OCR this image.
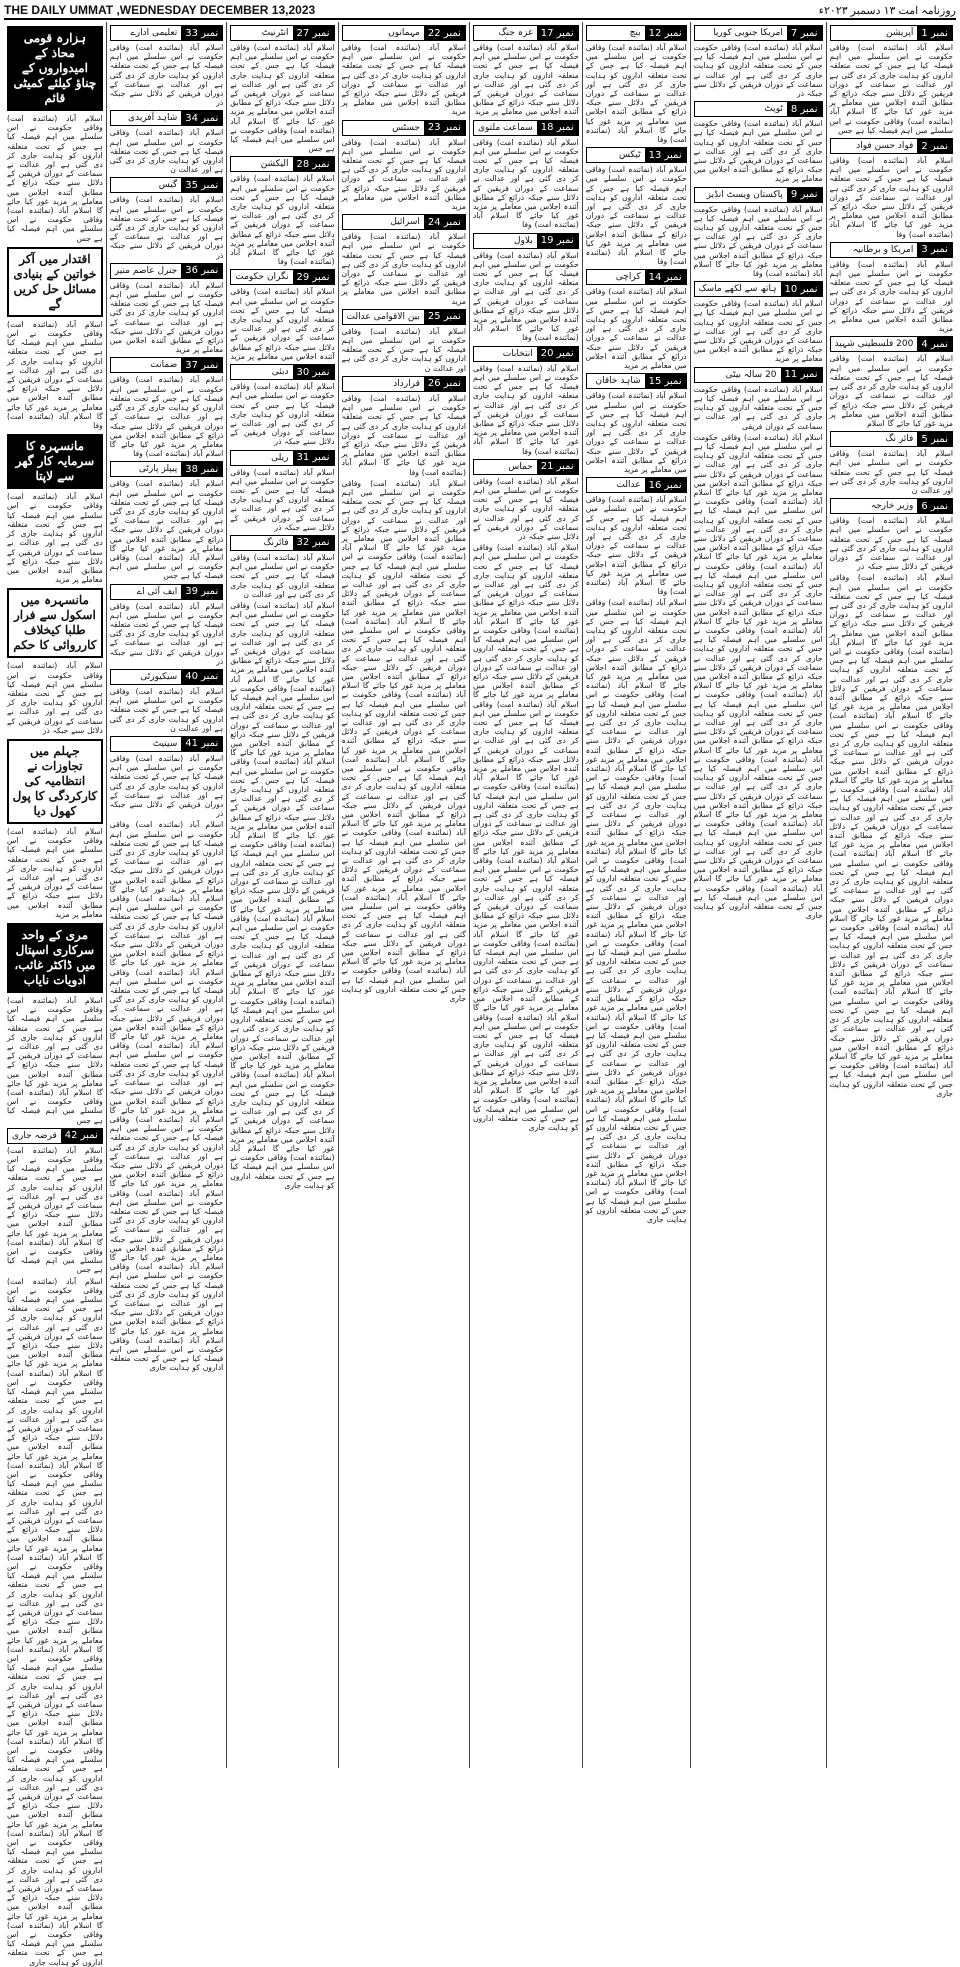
THE DAILY UMMAT ,WEDNESDAY DECEMBER 13,2023	روزنامہ امت ۱۳ دسمبر ۲۰۲۳ء
نمبر 1
آپریشن
اسلام آباد (نمائندہ امت) وفاقی حکومت نے اس سلسلے میں اہم فیصلہ کیا ہے جس کے تحت متعلقہ اداروں کو ہدایت جاری کر دی گئی ہے اور عدالت نے سماعت کے دوران فریقین کے دلائل سنے جبکہ ذرائع کے مطابق آئندہ اجلاس میں معاملے پر مزید غور کیا جائے گا اسلام آباد (نمائندہ امت) وفاقی حکومت نے اس سلسلے میں اہم فیصلہ کیا ہے جس
نمبر 2
فواد حسن فواد
اسلام آباد (نمائندہ امت) وفاقی حکومت نے اس سلسلے میں اہم فیصلہ کیا ہے جس کے تحت متعلقہ اداروں کو ہدایت جاری کر دی گئی ہے اور عدالت نے سماعت کے دوران فریقین کے دلائل سنے جبکہ ذرائع کے مطابق آئندہ اجلاس میں معاملے پر مزید غور کیا جائے گا اسلام آباد (نمائندہ امت) وفا
نمبر 3
امریکا و برطانیہ
اسلام آباد (نمائندہ امت) وفاقی حکومت نے اس سلسلے میں اہم فیصلہ کیا ہے جس کے تحت متعلقہ اداروں کو ہدایت جاری کر دی گئی ہے اور عدالت نے سماعت کے دوران فریقین کے دلائل سنے جبکہ ذرائع کے مطابق آئندہ اجلاس میں معاملے پر مزید
نمبر 4
200 فلسطینی شہید
اسلام آباد (نمائندہ امت) وفاقی حکومت نے اس سلسلے میں اہم فیصلہ کیا ہے جس کے تحت متعلقہ اداروں کو ہدایت جاری کر دی گئی ہے اور عدالت نے سماعت کے دوران فریقین کے دلائل سنے جبکہ ذرائع کے مطابق آئندہ اجلاس میں معاملے پر مزید غور کیا جائے گا اسلام
نمبر 5
فائر نگ
اسلام آباد (نمائندہ امت) وفاقی حکومت نے اس سلسلے میں اہم فیصلہ کیا ہے جس کے تحت متعلقہ اداروں کو ہدایت جاری کر دی گئی ہے اور عدالت ن
نمبر 6
وزیر خارجہ
اسلام آباد (نمائندہ امت) وفاقی حکومت نے اس سلسلے میں اہم فیصلہ کیا ہے جس کے تحت متعلقہ اداروں کو ہدایت جاری کر دی گئی ہے اور عدالت نے سماعت کے دوران فریقین کے دلائل سنے جبکہ ذر
اسلام آباد (نمائندہ امت) وفاقی حکومت نے اس سلسلے میں اہم فیصلہ کیا ہے جس کے تحت متعلقہ اداروں کو ہدایت جاری کر دی گئی ہے اور عدالت نے سماعت کے دوران فریقین کے دلائل سنے جبکہ ذرائع کے مطابق آئندہ اجلاس میں معاملے پر مزید غور کیا جائے گا اسلام آباد (نمائندہ امت) وفاقی حکومت نے اس سلسلے میں اہم فیصلہ کیا ہے جس کے تحت متعلقہ اداروں کو ہدایت جاری کر دی گئی ہے اور عدالت نے سماعت کے دوران فریقین کے دلائل سنے جبکہ ذرائع کے مطابق آئندہ اجلاس میں معاملے پر مزید غور کیا جائے گا اسلام آباد (نمائندہ امت) وفاقی حکومت نے اس سلسلے میں اہم فیصلہ کیا ہے جس کے تحت متعلقہ اداروں کو ہدایت جاری کر دی گئی ہے اور عدالت نے سماعت کے دوران فریقین کے دلائل سنے جبکہ ذرائع کے مطابق آئندہ اجلاس میں معاملے پر مزید غور کیا جائے گا اسلام آباد (نمائندہ امت) وفاقی حکومت نے اس سلسلے میں اہم فیصلہ کیا ہے جس کے تحت متعلقہ اداروں کو ہدایت جاری کر دی گئی ہے اور عدالت نے سماعت کے دوران فریقین کے دلائل سنے جبکہ ذرائع کے مطابق آئندہ اجلاس میں معاملے پر مزید غور کیا جائے گا اسلام آباد (نمائندہ امت) وفاقی حکومت نے اس سلسلے میں اہم فیصلہ کیا ہے جس کے تحت متعلقہ اداروں کو ہدایت جاری کر دی گئی ہے اور عدالت نے سماعت کے دوران فریقین کے دلائل سنے جبکہ ذرائع کے مطابق آئندہ اجلاس میں معاملے پر مزید غور کیا جائے گا اسلام آباد (نمائندہ امت) وفاقی حکومت نے اس سلسلے میں اہم فیصلہ کیا ہے جس کے تحت متعلقہ اداروں کو ہدایت جاری کر دی گئی ہے اور عدالت نے سماعت کے دوران فریقین کے دلائل سنے جبکہ ذرائع کے مطابق آئندہ اجلاس میں معاملے پر مزید غور کیا جائے گا اسلام آباد (نمائندہ امت) وفاقی حکومت نے اس سلسلے میں اہم فیصلہ کیا ہے جس کے تحت متعلقہ اداروں کو ہدایت جاری کر دی گئی ہے اور عدالت نے سماعت کے دوران فریقین کے دلائل سنے جبکہ ذرائع کے مطابق آئندہ اجلاس میں معاملے پر مزید غور کیا جائے گا اسلام آباد (نمائندہ امت) وفاقی حکومت نے اس سلسلے میں اہم فیصلہ کیا ہے جس کے تحت متعلقہ اداروں کو ہدایت جاری
نمبر 7
امریکا جنوبی کوریا
اسلام آباد (نمائندہ امت) وفاقی حکومت نے اس سلسلے میں اہم فیصلہ کیا ہے جس کے تحت متعلقہ اداروں کو ہدایت جاری کر دی گئی ہے اور عدالت نے سماعت کے دوران فریقین کے دلائل سنے جبکہ ذر
نمبر 8
ٹویٹ
اسلام آباد (نمائندہ امت) وفاقی حکومت نے اس سلسلے میں اہم فیصلہ کیا ہے جس کے تحت متعلقہ اداروں کو ہدایت جاری کر دی گئی ہے اور عدالت نے سماعت کے دوران فریقین کے دلائل سنے جبکہ ذرائع کے مطابق آئندہ اجلاس میں معاملے پر مزید
نمبر 9
پاکستان ویسٹ انڈیز
اسلام آباد (نمائندہ امت) وفاقی حکومت نے اس سلسلے میں اہم فیصلہ کیا ہے جس کے تحت متعلقہ اداروں کو ہدایت جاری کر دی گئی ہے اور عدالت نے سماعت کے دوران فریقین کے دلائل سنے جبکہ ذرائع کے مطابق آئندہ اجلاس میں معاملے پر مزید غور کیا جائے گا اسلام آباد (نمائندہ امت) وفا
نمبر 10
ہاتھ سے لکھے ماسک
اسلام آباد (نمائندہ امت) وفاقی حکومت نے اس سلسلے میں اہم فیصلہ کیا ہے جس کے تحت متعلقہ اداروں کو ہدایت جاری کر دی گئی ہے اور عدالت نے سماعت کے دوران فریقین کے دلائل سنے جبکہ ذرائع کے مطابق آئندہ اجلاس میں معاملے پر مزید
نمبر 11
20 سالہ بیٹی
اسلام آباد (نمائندہ امت) وفاقی حکومت نے اس سلسلے میں اہم فیصلہ کیا ہے جس کے تحت متعلقہ اداروں کو ہدایت جاری کر دی گئی ہے اور عدالت نے سماعت کے دوران فریقی
اسلام آباد (نمائندہ امت) وفاقی حکومت نے اس سلسلے میں اہم فیصلہ کیا ہے جس کے تحت متعلقہ اداروں کو ہدایت جاری کر دی گئی ہے اور عدالت نے سماعت کے دوران فریقین کے دلائل سنے جبکہ ذرائع کے مطابق آئندہ اجلاس میں معاملے پر مزید غور کیا جائے گا اسلام آباد (نمائندہ امت) وفاقی حکومت نے اس سلسلے میں اہم فیصلہ کیا ہے جس کے تحت متعلقہ اداروں کو ہدایت جاری کر دی گئی ہے اور عدالت نے سماعت کے دوران فریقین کے دلائل سنے جبکہ ذرائع کے مطابق آئندہ اجلاس میں معاملے پر مزید غور کیا جائے گا اسلام آباد (نمائندہ امت) وفاقی حکومت نے اس سلسلے میں اہم فیصلہ کیا ہے جس کے تحت متعلقہ اداروں کو ہدایت جاری کر دی گئی ہے اور عدالت نے سماعت کے دوران فریقین کے دلائل سنے جبکہ ذرائع کے مطابق آئندہ اجلاس میں معاملے پر مزید غور کیا جائے گا اسلام آباد (نمائندہ امت) وفاقی حکومت نے اس سلسلے میں اہم فیصلہ کیا ہے جس کے تحت متعلقہ اداروں کو ہدایت جاری کر دی گئی ہے اور عدالت نے سماعت کے دوران فریقین کے دلائل سنے جبکہ ذرائع کے مطابق آئندہ اجلاس میں معاملے پر مزید غور کیا جائے گا اسلام آباد (نمائندہ امت) وفاقی حکومت نے اس سلسلے میں اہم فیصلہ کیا ہے جس کے تحت متعلقہ اداروں کو ہدایت جاری کر دی گئی ہے اور عدالت نے سماعت کے دوران فریقین کے دلائل سنے جبکہ ذرائع کے مطابق آئندہ اجلاس میں معاملے پر مزید غور کیا جائے گا اسلام آباد (نمائندہ امت) وفاقی حکومت نے اس سلسلے میں اہم فیصلہ کیا ہے جس کے تحت متعلقہ اداروں کو ہدایت جاری کر دی گئی ہے اور عدالت نے سماعت کے دوران فریقین کے دلائل سنے جبکہ ذرائع کے مطابق آئندہ اجلاس میں معاملے پر مزید غور کیا جائے گا اسلام آباد (نمائندہ امت) وفاقی حکومت نے اس سلسلے میں اہم فیصلہ کیا ہے جس کے تحت متعلقہ اداروں کو ہدایت جاری کر دی گئی ہے اور عدالت نے سماعت کے دوران فریقین کے دلائل سنے جبکہ ذرائع کے مطابق آئندہ اجلاس میں معاملے پر مزید غور کیا جائے گا اسلام آباد (نمائندہ امت) وفاقی حکومت نے اس سلسلے میں اہم فیصلہ کیا ہے جس کے تحت متعلقہ اداروں کو ہدایت جاری
نمبر 12
بنچ
اسلام آباد (نمائندہ امت) وفاقی حکومت نے اس سلسلے میں اہم فیصلہ کیا ہے جس کے تحت متعلقہ اداروں کو ہدایت جاری کر دی گئی ہے اور عدالت نے سماعت کے دوران فریقین کے دلائل سنے جبکہ ذرائع کے مطابق آئندہ اجلاس میں معاملے پر مزید غور کیا جائے گا اسلام آباد (نمائندہ امت) وفا
نمبر 13
ٹیکس
اسلام آباد (نمائندہ امت) وفاقی حکومت نے اس سلسلے میں اہم فیصلہ کیا ہے جس کے تحت متعلقہ اداروں کو ہدایت جاری کر دی گئی ہے اور عدالت نے سماعت کے دوران فریقین کے دلائل سنے جبکہ ذرائع کے مطابق آئندہ اجلاس میں معاملے پر مزید غور کیا جائے گا اسلام آباد (نمائندہ امت) وفا
نمبر 14
کراچی
اسلام آباد (نمائندہ امت) وفاقی حکومت نے اس سلسلے میں اہم فیصلہ کیا ہے جس کے تحت متعلقہ اداروں کو ہدایت جاری کر دی گئی ہے اور عدالت نے سماعت کے دوران فریقین کے دلائل سنے جبکہ ذرائع کے مطابق آئندہ اجلاس میں معاملے پر مزید
نمبر 15
شاہد خاقان
اسلام آباد (نمائندہ امت) وفاقی حکومت نے اس سلسلے میں اہم فیصلہ کیا ہے جس کے تحت متعلقہ اداروں کو ہدایت جاری کر دی گئی ہے اور عدالت نے سماعت کے دوران فریقین کے دلائل سنے جبکہ ذرائع کے مطابق آئندہ اجلاس میں معاملے پر مزید
نمبر 16
عدالت
اسلام آباد (نمائندہ امت) وفاقی حکومت نے اس سلسلے میں اہم فیصلہ کیا ہے جس کے تحت متعلقہ اداروں کو ہدایت جاری کر دی گئی ہے اور عدالت نے سماعت کے دوران فریقین کے دلائل سنے جبکہ ذرائع کے مطابق آئندہ اجلاس میں معاملے پر مزید غور کیا جائے گا اسلام آباد (نمائندہ امت) وفا
اسلام آباد (نمائندہ امت) وفاقی حکومت نے اس سلسلے میں اہم فیصلہ کیا ہے جس کے تحت متعلقہ اداروں کو ہدایت جاری کر دی گئی ہے اور عدالت نے سماعت کے دوران فریقین کے دلائل سنے جبکہ ذرائع کے مطابق آئندہ اجلاس میں معاملے پر مزید غور کیا جائے گا اسلام آباد (نمائندہ امت) وفاقی حکومت نے اس سلسلے میں اہم فیصلہ کیا ہے جس کے تحت متعلقہ اداروں کو ہدایت جاری کر دی گئی ہے اور عدالت نے سماعت کے دوران فریقین کے دلائل سنے جبکہ ذرائع کے مطابق آئندہ اجلاس میں معاملے پر مزید غور کیا جائے گا اسلام آباد (نمائندہ امت) وفاقی حکومت نے اس سلسلے میں اہم فیصلہ کیا ہے جس کے تحت متعلقہ اداروں کو ہدایت جاری کر دی گئی ہے اور عدالت نے سماعت کے دوران فریقین کے دلائل سنے جبکہ ذرائع کے مطابق آئندہ اجلاس میں معاملے پر مزید غور کیا جائے گا اسلام آباد (نمائندہ امت) وفاقی حکومت نے اس سلسلے میں اہم فیصلہ کیا ہے جس کے تحت متعلقہ اداروں کو ہدایت جاری کر دی گئی ہے اور عدالت نے سماعت کے دوران فریقین کے دلائل سنے جبکہ ذرائع کے مطابق آئندہ اجلاس میں معاملے پر مزید غور کیا جائے گا اسلام آباد (نمائندہ امت) وفاقی حکومت نے اس سلسلے میں اہم فیصلہ کیا ہے جس کے تحت متعلقہ اداروں کو ہدایت جاری کر دی گئی ہے اور عدالت نے سماعت کے دوران فریقین کے دلائل سنے جبکہ ذرائع کے مطابق آئندہ اجلاس میں معاملے پر مزید غور کیا جائے گا اسلام آباد (نمائندہ امت) وفاقی حکومت نے اس سلسلے میں اہم فیصلہ کیا ہے جس کے تحت متعلقہ اداروں کو ہدایت جاری کر دی گئی ہے اور عدالت نے سماعت کے دوران فریقین کے دلائل سنے جبکہ ذرائع کے مطابق آئندہ اجلاس میں معاملے پر مزید غور کیا جائے گا اسلام آباد (نمائندہ امت) وفاقی حکومت نے اس سلسلے میں اہم فیصلہ کیا ہے جس کے تحت متعلقہ اداروں کو ہدایت جاری کر دی گئی ہے اور عدالت نے سماعت کے دوران فریقین کے دلائل سنے جبکہ ذرائع کے مطابق آئندہ اجلاس میں معاملے پر مزید غور کیا جائے گا اسلام آباد (نمائندہ امت) وفاقی حکومت نے اس سلسلے میں اہم فیصلہ کیا ہے جس کے تحت متعلقہ اداروں کو ہدایت جاری
نمبر 17
غزہ جنگ
اسلام آباد (نمائندہ امت) وفاقی حکومت نے اس سلسلے میں اہم فیصلہ کیا ہے جس کے تحت متعلقہ اداروں کو ہدایت جاری کر دی گئی ہے اور عدالت نے سماعت کے دوران فریقین کے دلائل سنے جبکہ ذرائع کے مطابق آئندہ اجلاس میں معاملے پر مزید
نمبر 18
سماعت ملتوی
اسلام آباد (نمائندہ امت) وفاقی حکومت نے اس سلسلے میں اہم فیصلہ کیا ہے جس کے تحت متعلقہ اداروں کو ہدایت جاری کر دی گئی ہے اور عدالت نے سماعت کے دوران فریقین کے دلائل سنے جبکہ ذرائع کے مطابق آئندہ اجلاس میں معاملے پر مزید غور کیا جائے گا اسلام آباد (نمائندہ امت) وفا
نمبر 19
بلاول
اسلام آباد (نمائندہ امت) وفاقی حکومت نے اس سلسلے میں اہم فیصلہ کیا ہے جس کے تحت متعلقہ اداروں کو ہدایت جاری کر دی گئی ہے اور عدالت نے سماعت کے دوران فریقین کے دلائل سنے جبکہ ذرائع کے مطابق آئندہ اجلاس میں معاملے پر مزید غور کیا جائے گا اسلام آباد (نمائندہ امت) وفا
نمبر 20
انتخابات
اسلام آباد (نمائندہ امت) وفاقی حکومت نے اس سلسلے میں اہم فیصلہ کیا ہے جس کے تحت متعلقہ اداروں کو ہدایت جاری کر دی گئی ہے اور عدالت نے سماعت کے دوران فریقین کے دلائل سنے جبکہ ذرائع کے مطابق آئندہ اجلاس میں معاملے پر مزید غور کیا جائے گا اسلام آباد (نمائندہ امت) وفا
نمبر 21
حماس
اسلام آباد (نمائندہ امت) وفاقی حکومت نے اس سلسلے میں اہم فیصلہ کیا ہے جس کے تحت متعلقہ اداروں کو ہدایت جاری کر دی گئی ہے اور عدالت نے سماعت کے دوران فریقین کے دلائل سنے جبکہ ذر
اسلام آباد (نمائندہ امت) وفاقی حکومت نے اس سلسلے میں اہم فیصلہ کیا ہے جس کے تحت متعلقہ اداروں کو ہدایت جاری کر دی گئی ہے اور عدالت نے سماعت کے دوران فریقین کے دلائل سنے جبکہ ذرائع کے مطابق آئندہ اجلاس میں معاملے پر مزید غور کیا جائے گا اسلام آباد (نمائندہ امت) وفاقی حکومت نے اس سلسلے میں اہم فیصلہ کیا ہے جس کے تحت متعلقہ اداروں کو ہدایت جاری کر دی گئی ہے اور عدالت نے سماعت کے دوران فریقین کے دلائل سنے جبکہ ذرائع کے مطابق آئندہ اجلاس میں معاملے پر مزید غور کیا جائے گا اسلام آباد (نمائندہ امت) وفاقی حکومت نے اس سلسلے میں اہم فیصلہ کیا ہے جس کے تحت متعلقہ اداروں کو ہدایت جاری کر دی گئی ہے اور عدالت نے سماعت کے دوران فریقین کے دلائل سنے جبکہ ذرائع کے مطابق آئندہ اجلاس میں معاملے پر مزید غور کیا جائے گا اسلام آباد (نمائندہ امت) وفاقی حکومت نے اس سلسلے میں اہم فیصلہ کیا ہے جس کے تحت متعلقہ اداروں کو ہدایت جاری کر دی گئی ہے اور عدالت نے سماعت کے دوران فریقین کے دلائل سنے جبکہ ذرائع کے مطابق آئندہ اجلاس میں معاملے پر مزید غور کیا جائے گا اسلام آباد (نمائندہ امت) وفاقی حکومت نے اس سلسلے میں اہم فیصلہ کیا ہے جس کے تحت متعلقہ اداروں کو ہدایت جاری کر دی گئی ہے اور عدالت نے سماعت کے دوران فریقین کے دلائل سنے جبکہ ذرائع کے مطابق آئندہ اجلاس میں معاملے پر مزید غور کیا جائے گا اسلام آباد (نمائندہ امت) وفاقی حکومت نے اس سلسلے میں اہم فیصلہ کیا ہے جس کے تحت متعلقہ اداروں کو ہدایت جاری کر دی گئی ہے اور عدالت نے سماعت کے دوران فریقین کے دلائل سنے جبکہ ذرائع کے مطابق آئندہ اجلاس میں معاملے پر مزید غور کیا جائے گا اسلام آباد (نمائندہ امت) وفاقی حکومت نے اس سلسلے میں اہم فیصلہ کیا ہے جس کے تحت متعلقہ اداروں کو ہدایت جاری کر دی گئی ہے اور عدالت نے سماعت کے دوران فریقین کے دلائل سنے جبکہ ذرائع کے مطابق آئندہ اجلاس میں معاملے پر مزید غور کیا جائے گا اسلام آباد (نمائندہ امت) وفاقی حکومت نے اس سلسلے میں اہم فیصلہ کیا ہے جس کے تحت متعلقہ اداروں کو ہدایت جاری
نمبر 22
مہمانوں
اسلام آباد (نمائندہ امت) وفاقی حکومت نے اس سلسلے میں اہم فیصلہ کیا ہے جس کے تحت متعلقہ اداروں کو ہدایت جاری کر دی گئی ہے اور عدالت نے سماعت کے دوران فریقین کے دلائل سنے جبکہ ذرائع کے مطابق آئندہ اجلاس میں معاملے پر مزید
نمبر 23
جسٹس
اسلام آباد (نمائندہ امت) وفاقی حکومت نے اس سلسلے میں اہم فیصلہ کیا ہے جس کے تحت متعلقہ اداروں کو ہدایت جاری کر دی گئی ہے اور عدالت نے سماعت کے دوران فریقین کے دلائل سنے جبکہ ذرائع کے مطابق آئندہ اجلاس میں معاملے پر مزید
نمبر 24
اسرائیل
اسلام آباد (نمائندہ امت) وفاقی حکومت نے اس سلسلے میں اہم فیصلہ کیا ہے جس کے تحت متعلقہ اداروں کو ہدایت جاری کر دی گئی ہے اور عدالت نے سماعت کے دوران فریقین کے دلائل سنے جبکہ ذرائع کے مطابق آئندہ اجلاس میں معاملے پر مزید
نمبر 25
بین الاقوامی عدالت
اسلام آباد (نمائندہ امت) وفاقی حکومت نے اس سلسلے میں اہم فیصلہ کیا ہے جس کے تحت متعلقہ اداروں کو ہدایت جاری کر دی گئی ہے اور عدالت ن
نمبر 26
قرارداد
اسلام آباد (نمائندہ امت) وفاقی حکومت نے اس سلسلے میں اہم فیصلہ کیا ہے جس کے تحت متعلقہ اداروں کو ہدایت جاری کر دی گئی ہے اور عدالت نے سماعت کے دوران فریقین کے دلائل سنے جبکہ ذرائع کے مطابق آئندہ اجلاس میں معاملے پر مزید غور کیا جائے گا اسلام آباد (نمائندہ امت) وفا
اسلام آباد (نمائندہ امت) وفاقی حکومت نے اس سلسلے میں اہم فیصلہ کیا ہے جس کے تحت متعلقہ اداروں کو ہدایت جاری کر دی گئی ہے اور عدالت نے سماعت کے دوران فریقین کے دلائل سنے جبکہ ذرائع کے مطابق آئندہ اجلاس میں معاملے پر مزید غور کیا جائے گا اسلام آباد (نمائندہ امت) وفاقی حکومت نے اس سلسلے میں اہم فیصلہ کیا ہے جس کے تحت متعلقہ اداروں کو ہدایت جاری کر دی گئی ہے اور عدالت نے سماعت کے دوران فریقین کے دلائل سنے جبکہ ذرائع کے مطابق آئندہ اجلاس میں معاملے پر مزید غور کیا جائے گا اسلام آباد (نمائندہ امت) وفاقی حکومت نے اس سلسلے میں اہم فیصلہ کیا ہے جس کے تحت متعلقہ اداروں کو ہدایت جاری کر دی گئی ہے اور عدالت نے سماعت کے دوران فریقین کے دلائل سنے جبکہ ذرائع کے مطابق آئندہ اجلاس میں معاملے پر مزید غور کیا جائے گا اسلام آباد (نمائندہ امت) وفاقی حکومت نے اس سلسلے میں اہم فیصلہ کیا ہے جس کے تحت متعلقہ اداروں کو ہدایت جاری کر دی گئی ہے اور عدالت نے سماعت کے دوران فریقین کے دلائل سنے جبکہ ذرائع کے مطابق آئندہ اجلاس میں معاملے پر مزید غور کیا جائے گا اسلام آباد (نمائندہ امت) وفاقی حکومت نے اس سلسلے میں اہم فیصلہ کیا ہے جس کے تحت متعلقہ اداروں کو ہدایت جاری کر دی گئی ہے اور عدالت نے سماعت کے دوران فریقین کے دلائل سنے جبکہ ذرائع کے مطابق آئندہ اجلاس میں معاملے پر مزید غور کیا جائے گا اسلام آباد (نمائندہ امت) وفاقی حکومت نے اس سلسلے میں اہم فیصلہ کیا ہے جس کے تحت متعلقہ اداروں کو ہدایت جاری کر دی گئی ہے اور عدالت نے سماعت کے دوران فریقین کے دلائل سنے جبکہ ذرائع کے مطابق آئندہ اجلاس میں معاملے پر مزید غور کیا جائے گا اسلام آباد (نمائندہ امت) وفاقی حکومت نے اس سلسلے میں اہم فیصلہ کیا ہے جس کے تحت متعلقہ اداروں کو ہدایت جاری کر دی گئی ہے اور عدالت نے سماعت کے دوران فریقین کے دلائل سنے جبکہ ذرائع کے مطابق آئندہ اجلاس میں معاملے پر مزید غور کیا جائے گا اسلام آباد (نمائندہ امت) وفاقی حکومت نے اس سلسلے میں اہم فیصلہ کیا ہے جس کے تحت متعلقہ اداروں کو ہدایت جاری
نمبر 27
انٹرنیٹ
اسلام آباد (نمائندہ امت) وفاقی حکومت نے اس سلسلے میں اہم فیصلہ کیا ہے جس کے تحت متعلقہ اداروں کو ہدایت جاری کر دی گئی ہے اور عدالت نے سماعت کے دوران فریقین کے دلائل سنے جبکہ ذرائع کے مطابق آئندہ اجلاس میں معاملے پر مزید غور کیا جائے گا اسلام آباد (نمائندہ امت) وفاقی حکومت نے اس سلسلے میں اہم فیصلہ کیا ہے جس
نمبر 28
الیکشن
اسلام آباد (نمائندہ امت) وفاقی حکومت نے اس سلسلے میں اہم فیصلہ کیا ہے جس کے تحت متعلقہ اداروں کو ہدایت جاری کر دی گئی ہے اور عدالت نے سماعت کے دوران فریقین کے دلائل سنے جبکہ ذرائع کے مطابق آئندہ اجلاس میں معاملے پر مزید غور کیا جائے گا اسلام آباد (نمائندہ امت) وفا
نمبر 29
نگران حکومت
اسلام آباد (نمائندہ امت) وفاقی حکومت نے اس سلسلے میں اہم فیصلہ کیا ہے جس کے تحت متعلقہ اداروں کو ہدایت جاری کر دی گئی ہے اور عدالت نے سماعت کے دوران فریقین کے دلائل سنے جبکہ ذرائع کے مطابق آئندہ اجلاس میں معاملے پر مزید
نمبر 30
دبئی
اسلام آباد (نمائندہ امت) وفاقی حکومت نے اس سلسلے میں اہم فیصلہ کیا ہے جس کے تحت متعلقہ اداروں کو ہدایت جاری کر دی گئی ہے اور عدالت نے سماعت کے دوران فریقین کے دلائل سنے جبکہ ذر
نمبر 31
ریلی
اسلام آباد (نمائندہ امت) وفاقی حکومت نے اس سلسلے میں اہم فیصلہ کیا ہے جس کے تحت متعلقہ اداروں کو ہدایت جاری کر دی گئی ہے اور عدالت نے سماعت کے دوران فریقین کے دلائل سنے جبکہ ذر
نمبر 32
فائرنگ
اسلام آباد (نمائندہ امت) وفاقی حکومت نے اس سلسلے میں اہم فیصلہ کیا ہے جس کے تحت متعلقہ اداروں کو ہدایت جاری کر دی گئی ہے اور عدالت ن
اسلام آباد (نمائندہ امت) وفاقی حکومت نے اس سلسلے میں اہم فیصلہ کیا ہے جس کے تحت متعلقہ اداروں کو ہدایت جاری کر دی گئی ہے اور عدالت نے سماعت کے دوران فریقین کے دلائل سنے جبکہ ذرائع کے مطابق آئندہ اجلاس میں معاملے پر مزید غور کیا جائے گا اسلام آباد (نمائندہ امت) وفاقی حکومت نے اس سلسلے میں اہم فیصلہ کیا ہے جس کے تحت متعلقہ اداروں کو ہدایت جاری کر دی گئی ہے اور عدالت نے سماعت کے دوران فریقین کے دلائل سنے جبکہ ذرائع کے مطابق آئندہ اجلاس میں معاملے پر مزید غور کیا جائے گا اسلام آباد (نمائندہ امت) وفاقی حکومت نے اس سلسلے میں اہم فیصلہ کیا ہے جس کے تحت متعلقہ اداروں کو ہدایت جاری کر دی گئی ہے اور عدالت نے سماعت کے دوران فریقین کے دلائل سنے جبکہ ذرائع کے مطابق آئندہ اجلاس میں معاملے پر مزید غور کیا جائے گا اسلام آباد (نمائندہ امت) وفاقی حکومت نے اس سلسلے میں اہم فیصلہ کیا ہے جس کے تحت متعلقہ اداروں کو ہدایت جاری کر دی گئی ہے اور عدالت نے سماعت کے دوران فریقین کے دلائل سنے جبکہ ذرائع کے مطابق آئندہ اجلاس میں معاملے پر مزید غور کیا جائے گا اسلام آباد (نمائندہ امت) وفاقی حکومت نے اس سلسلے میں اہم فیصلہ کیا ہے جس کے تحت متعلقہ اداروں کو ہدایت جاری کر دی گئی ہے اور عدالت نے سماعت کے دوران فریقین کے دلائل سنے جبکہ ذرائع کے مطابق آئندہ اجلاس میں معاملے پر مزید غور کیا جائے گا اسلام آباد (نمائندہ امت) وفاقی حکومت نے اس سلسلے میں اہم فیصلہ کیا ہے جس کے تحت متعلقہ اداروں کو ہدایت جاری کر دی گئی ہے اور عدالت نے سماعت کے دوران فریقین کے دلائل سنے جبکہ ذرائع کے مطابق آئندہ اجلاس میں معاملے پر مزید غور کیا جائے گا اسلام آباد (نمائندہ امت) وفاقی حکومت نے اس سلسلے میں اہم فیصلہ کیا ہے جس کے تحت متعلقہ اداروں کو ہدایت جاری کر دی گئی ہے اور عدالت نے سماعت کے دوران فریقین کے دلائل سنے جبکہ ذرائع کے مطابق آئندہ اجلاس میں معاملے پر مزید غور کیا جائے گا اسلام آباد (نمائندہ امت) وفاقی حکومت نے اس سلسلے میں اہم فیصلہ کیا ہے جس کے تحت متعلقہ اداروں کو ہدایت جاری
نمبر 33
تعلیمی ادارے
اسلام آباد (نمائندہ امت) وفاقی حکومت نے اس سلسلے میں اہم فیصلہ کیا ہے جس کے تحت متعلقہ اداروں کو ہدایت جاری کر دی گئی ہے اور عدالت نے سماعت کے دوران فریقین کے دلائل سنے جبکہ ذر
نمبر 34
شاہد آفریدی
اسلام آباد (نمائندہ امت) وفاقی حکومت نے اس سلسلے میں اہم فیصلہ کیا ہے جس کے تحت متعلقہ اداروں کو ہدایت جاری کر دی گئی ہے اور عدالت ن
نمبر 35
گیس
اسلام آباد (نمائندہ امت) وفاقی حکومت نے اس سلسلے میں اہم فیصلہ کیا ہے جس کے تحت متعلقہ اداروں کو ہدایت جاری کر دی گئی ہے اور عدالت نے سماعت کے دوران فریقین کے دلائل سنے جبکہ ذر
نمبر 36
جنرل عاصم منیر
اسلام آباد (نمائندہ امت) وفاقی حکومت نے اس سلسلے میں اہم فیصلہ کیا ہے جس کے تحت متعلقہ اداروں کو ہدایت جاری کر دی گئی ہے اور عدالت نے سماعت کے دوران فریقین کے دلائل سنے جبکہ ذرائع کے مطابق آئندہ اجلاس میں معاملے پر مزید
نمبر 37
ضمانت
اسلام آباد (نمائندہ امت) وفاقی حکومت نے اس سلسلے میں اہم فیصلہ کیا ہے جس کے تحت متعلقہ اداروں کو ہدایت جاری کر دی گئی ہے اور عدالت نے سماعت کے دوران فریقین کے دلائل سنے جبکہ ذرائع کے مطابق آئندہ اجلاس میں معاملے پر مزید غور کیا جائے گا اسلام آباد (نمائندہ امت) وفا
نمبر 38
پیپلز پارٹی
اسلام آباد (نمائندہ امت) وفاقی حکومت نے اس سلسلے میں اہم فیصلہ کیا ہے جس کے تحت متعلقہ اداروں کو ہدایت جاری کر دی گئی ہے اور عدالت نے سماعت کے دوران فریقین کے دلائل سنے جبکہ ذرائع کے مطابق آئندہ اجلاس میں معاملے پر مزید غور کیا جائے گا اسلام آباد (نمائندہ امت) وفاقی حکومت نے اس سلسلے میں اہم فیصلہ کیا ہے جس
نمبر 39
ایف آئی اے
اسلام آباد (نمائندہ امت) وفاقی حکومت نے اس سلسلے میں اہم فیصلہ کیا ہے جس کے تحت متعلقہ اداروں کو ہدایت جاری کر دی گئی ہے اور عدالت نے سماعت کے دوران فریقین کے دلائل سنے جبکہ ذر
نمبر 40
سیکیورٹی
اسلام آباد (نمائندہ امت) وفاقی حکومت نے اس سلسلے میں اہم فیصلہ کیا ہے جس کے تحت متعلقہ اداروں کو ہدایت جاری کر دی گئی ہے اور عدالت ن
نمبر 41
سینیٹ
اسلام آباد (نمائندہ امت) وفاقی حکومت نے اس سلسلے میں اہم فیصلہ کیا ہے جس کے تحت متعلقہ اداروں کو ہدایت جاری کر دی گئی ہے اور عدالت نے سماعت کے دوران فریقین کے دلائل سنے جبکہ ذر
اسلام آباد (نمائندہ امت) وفاقی حکومت نے اس سلسلے میں اہم فیصلہ کیا ہے جس کے تحت متعلقہ اداروں کو ہدایت جاری کر دی گئی ہے اور عدالت نے سماعت کے دوران فریقین کے دلائل سنے جبکہ ذرائع کے مطابق آئندہ اجلاس میں معاملے پر مزید غور کیا جائے گا اسلام آباد (نمائندہ امت) وفاقی حکومت نے اس سلسلے میں اہم فیصلہ کیا ہے جس کے تحت متعلقہ اداروں کو ہدایت جاری کر دی گئی ہے اور عدالت نے سماعت کے دوران فریقین کے دلائل سنے جبکہ ذرائع کے مطابق آئندہ اجلاس میں معاملے پر مزید غور کیا جائے گا اسلام آباد (نمائندہ امت) وفاقی حکومت نے اس سلسلے میں اہم فیصلہ کیا ہے جس کے تحت متعلقہ اداروں کو ہدایت جاری کر دی گئی ہے اور عدالت نے سماعت کے دوران فریقین کے دلائل سنے جبکہ ذرائع کے مطابق آئندہ اجلاس میں معاملے پر مزید غور کیا جائے گا اسلام آباد (نمائندہ امت) وفاقی حکومت نے اس سلسلے میں اہم فیصلہ کیا ہے جس کے تحت متعلقہ اداروں کو ہدایت جاری کر دی گئی ہے اور عدالت نے سماعت کے دوران فریقین کے دلائل سنے جبکہ ذرائع کے مطابق آئندہ اجلاس میں معاملے پر مزید غور کیا جائے گا اسلام آباد (نمائندہ امت) وفاقی حکومت نے اس سلسلے میں اہم فیصلہ کیا ہے جس کے تحت متعلقہ اداروں کو ہدایت جاری کر دی گئی ہے اور عدالت نے سماعت کے دوران فریقین کے دلائل سنے جبکہ ذرائع کے مطابق آئندہ اجلاس میں معاملے پر مزید غور کیا جائے گا اسلام آباد (نمائندہ امت) وفاقی حکومت نے اس سلسلے میں اہم فیصلہ کیا ہے جس کے تحت متعلقہ اداروں کو ہدایت جاری کر دی گئی ہے اور عدالت نے سماعت کے دوران فریقین کے دلائل سنے جبکہ ذرائع کے مطابق آئندہ اجلاس میں معاملے پر مزید غور کیا جائے گا اسلام آباد (نمائندہ امت) وفاقی حکومت نے اس سلسلے میں اہم فیصلہ کیا ہے جس کے تحت متعلقہ اداروں کو ہدایت جاری کر دی گئی ہے اور عدالت نے سماعت کے دوران فریقین کے دلائل سنے جبکہ ذرائع کے مطابق آئندہ اجلاس میں معاملے پر مزید غور کیا جائے گا اسلام آباد (نمائندہ امت) وفاقی حکومت نے اس سلسلے میں اہم فیصلہ کیا ہے جس کے تحت متعلقہ اداروں کو ہدایت جاری
ہزارہ قومی محاذ کے امیدواروں کے چناؤ کیلئے کمیٹی قائم
اسلام آباد (نمائندہ امت) وفاقی حکومت نے اس سلسلے میں اہم فیصلہ کیا ہے جس کے تحت متعلقہ اداروں کو ہدایت جاری کر دی گئی ہے اور عدالت نے سماعت کے دوران فریقین کے دلائل سنے جبکہ ذرائع کے مطابق آئندہ اجلاس میں معاملے پر مزید غور کیا جائے گا اسلام آباد (نمائندہ امت) وفاقی حکومت نے اس سلسلے میں اہم فیصلہ کیا ہے جس
اقتدار میں آکر خواتین کے بنیادی مسائل حل کریں گے
اسلام آباد (نمائندہ امت) وفاقی حکومت نے اس سلسلے میں اہم فیصلہ کیا ہے جس کے تحت متعلقہ اداروں کو ہدایت جاری کر دی گئی ہے اور عدالت نے سماعت کے دوران فریقین کے دلائل سنے جبکہ ذرائع کے مطابق آئندہ اجلاس میں معاملے پر مزید غور کیا جائے گا اسلام آباد (نمائندہ امت) وفا
مانسہرہ کا سرمایہ کار گھر سے لاپتا
اسلام آباد (نمائندہ امت) وفاقی حکومت نے اس سلسلے میں اہم فیصلہ کیا ہے جس کے تحت متعلقہ اداروں کو ہدایت جاری کر دی گئی ہے اور عدالت نے سماعت کے دوران فریقین کے دلائل سنے جبکہ ذرائع کے مطابق آئندہ اجلاس میں معاملے پر مزید
مانسہرہ میں اسکول سے فرار طلبا کیخلاف کارروائی کا حکم
اسلام آباد (نمائندہ امت) وفاقی حکومت نے اس سلسلے میں اہم فیصلہ کیا ہے جس کے تحت متعلقہ اداروں کو ہدایت جاری کر دی گئی ہے اور عدالت نے سماعت کے دوران فریقین کے دلائل سنے جبکہ ذر
جہلم میں تجاوزات نے انتظامیہ کی کارکردگی کا پول کھول دیا
اسلام آباد (نمائندہ امت) وفاقی حکومت نے اس سلسلے میں اہم فیصلہ کیا ہے جس کے تحت متعلقہ اداروں کو ہدایت جاری کر دی گئی ہے اور عدالت نے سماعت کے دوران فریقین کے دلائل سنے جبکہ ذرائع کے مطابق آئندہ اجلاس میں معاملے پر مزید
مری کے واحد سرکاری اسپتال میں ڈاکٹر غائب، ادویات نایاب
اسلام آباد (نمائندہ امت) وفاقی حکومت نے اس سلسلے میں اہم فیصلہ کیا ہے جس کے تحت متعلقہ اداروں کو ہدایت جاری کر دی گئی ہے اور عدالت نے سماعت کے دوران فریقین کے دلائل سنے جبکہ ذرائع کے مطابق آئندہ اجلاس میں معاملے پر مزید غور کیا جائے گا اسلام آباد (نمائندہ امت) وفاقی حکومت نے اس سلسلے میں اہم فیصلہ کیا ہے جس
نمبر 42
قرضہ جاری
اسلام آباد (نمائندہ امت) وفاقی حکومت نے اس سلسلے میں اہم فیصلہ کیا ہے جس کے تحت متعلقہ اداروں کو ہدایت جاری کر دی گئی ہے اور عدالت نے سماعت کے دوران فریقین کے دلائل سنے جبکہ ذرائع کے مطابق آئندہ اجلاس میں معاملے پر مزید غور کیا جائے گا اسلام آباد (نمائندہ امت) وفاقی حکومت نے اس سلسلے میں اہم فیصلہ کیا ہے جس
اسلام آباد (نمائندہ امت) وفاقی حکومت نے اس سلسلے میں اہم فیصلہ کیا ہے جس کے تحت متعلقہ اداروں کو ہدایت جاری کر دی گئی ہے اور عدالت نے سماعت کے دوران فریقین کے دلائل سنے جبکہ ذرائع کے مطابق آئندہ اجلاس میں معاملے پر مزید غور کیا جائے گا اسلام آباد (نمائندہ امت) وفاقی حکومت نے اس سلسلے میں اہم فیصلہ کیا ہے جس کے تحت متعلقہ اداروں کو ہدایت جاری کر دی گئی ہے اور عدالت نے سماعت کے دوران فریقین کے دلائل سنے جبکہ ذرائع کے مطابق آئندہ اجلاس میں معاملے پر مزید غور کیا جائے گا اسلام آباد (نمائندہ امت) وفاقی حکومت نے اس سلسلے میں اہم فیصلہ کیا ہے جس کے تحت متعلقہ اداروں کو ہدایت جاری کر دی گئی ہے اور عدالت نے سماعت کے دوران فریقین کے دلائل سنے جبکہ ذرائع کے مطابق آئندہ اجلاس میں معاملے پر مزید غور کیا جائے گا اسلام آباد (نمائندہ امت) وفاقی حکومت نے اس سلسلے میں اہم فیصلہ کیا ہے جس کے تحت متعلقہ اداروں کو ہدایت جاری کر دی گئی ہے اور عدالت نے سماعت کے دوران فریقین کے دلائل سنے جبکہ ذرائع کے مطابق آئندہ اجلاس میں معاملے پر مزید غور کیا جائے گا اسلام آباد (نمائندہ امت) وفاقی حکومت نے اس سلسلے میں اہم فیصلہ کیا ہے جس کے تحت متعلقہ اداروں کو ہدایت جاری کر دی گئی ہے اور عدالت نے سماعت کے دوران فریقین کے دلائل سنے جبکہ ذرائع کے مطابق آئندہ اجلاس میں معاملے پر مزید غور کیا جائے گا اسلام آباد (نمائندہ امت) وفاقی حکومت نے اس سلسلے میں اہم فیصلہ کیا ہے جس کے تحت متعلقہ اداروں کو ہدایت جاری کر دی گئی ہے اور عدالت نے سماعت کے دوران فریقین کے دلائل سنے جبکہ ذرائع کے مطابق آئندہ اجلاس میں معاملے پر مزید غور کیا جائے گا اسلام آباد (نمائندہ امت) وفاقی حکومت نے اس سلسلے میں اہم فیصلہ کیا ہے جس کے تحت متعلقہ اداروں کو ہدایت جاری کر دی گئی ہے اور عدالت نے سماعت کے دوران فریقین کے دلائل سنے جبکہ ذرائع کے مطابق آئندہ اجلاس میں معاملے پر مزید غور کیا جائے گا اسلام آباد (نمائندہ امت) وفاقی حکومت نے اس سلسلے میں اہم فیصلہ کیا ہے جس کے تحت متعلقہ اداروں کو ہدایت جاری
